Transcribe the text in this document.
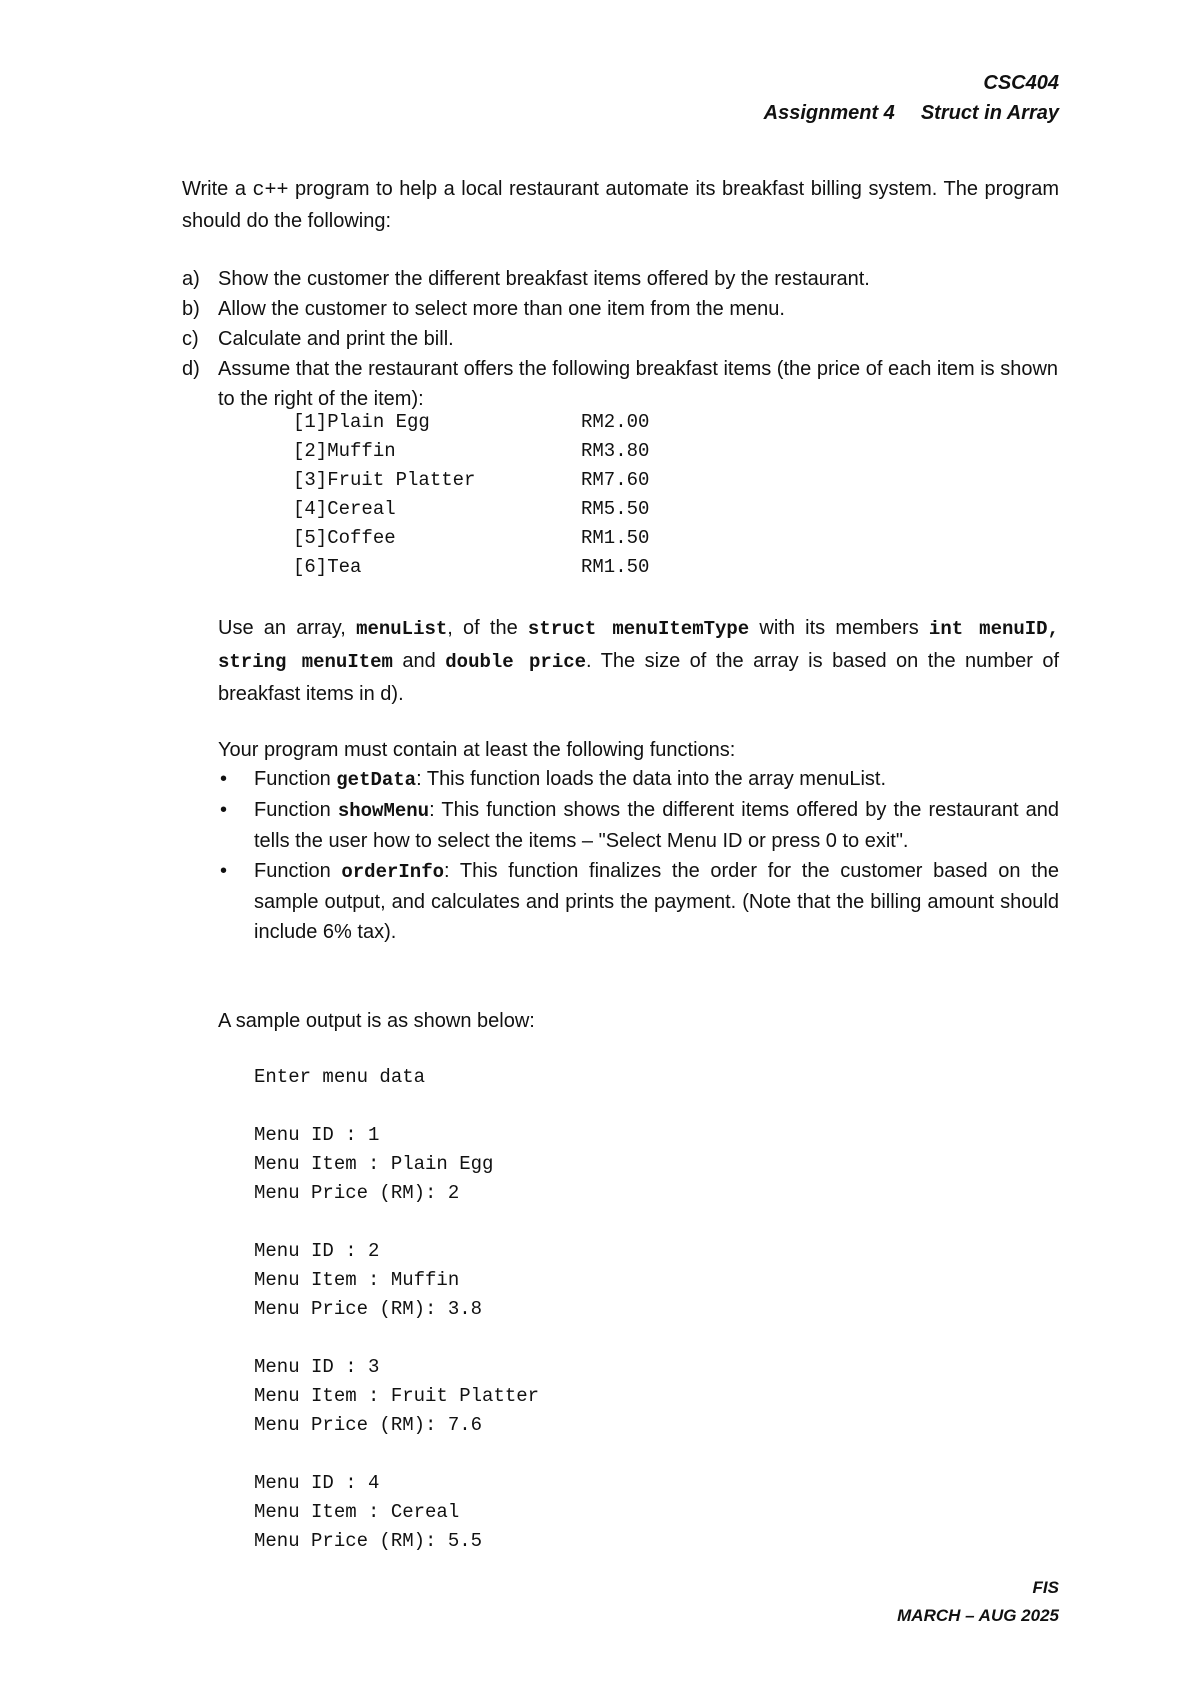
CSC404
Assignment 4 Struct in Array

Write a c++ program to help a local restaurant automate its breakfast billing system. The program should do the following:

a) Show the customer the different breakfast items offered by the restaurant.
b) Allow the customer to select more than one item from the menu.
c) Calculate and print the bill.
d) Assume that the restaurant offers the following breakfast items (the price of each item is shown to the right of the item):
[1]Plain Egg	RM2.00
[2]Muffin	RM3.80
[3]Fruit Platter	RM7.60
[4]Cereal	RM5.50
[5]Coffee	RM1.50
[6]Tea	RM1.50

Use an array, menuList, of the struct menuItemType with its members int menuID, string menuItem and double price. The size of the array is based on the number of breakfast items in d).

Your program must contain at least the following functions:

• Function getData: This function loads the data into the array menuList.
• Function showMenu: This function shows the different items offered by the restaurant and tells the user how to select the items – "Select Menu ID or press 0 to exit".
• Function orderInfo: This function finalizes the order for the customer based on the sample output, and calculates and prints the payment. (Note that the billing amount should include 6% tax).

A sample output is as shown below:

Enter menu data
Menu ID : 1
Menu Item : Plain Egg
Menu Price (RM): 2
Menu ID : 2
Menu Item : Muffin
Menu Price (RM): 3.8
Menu ID : 3
Menu Item : Fruit Platter
Menu Price (RM): 7.6
Menu ID : 4
Menu Item : Cereal
Menu Price (RM): 5.5
FIS
MARCH – AUG 2025
